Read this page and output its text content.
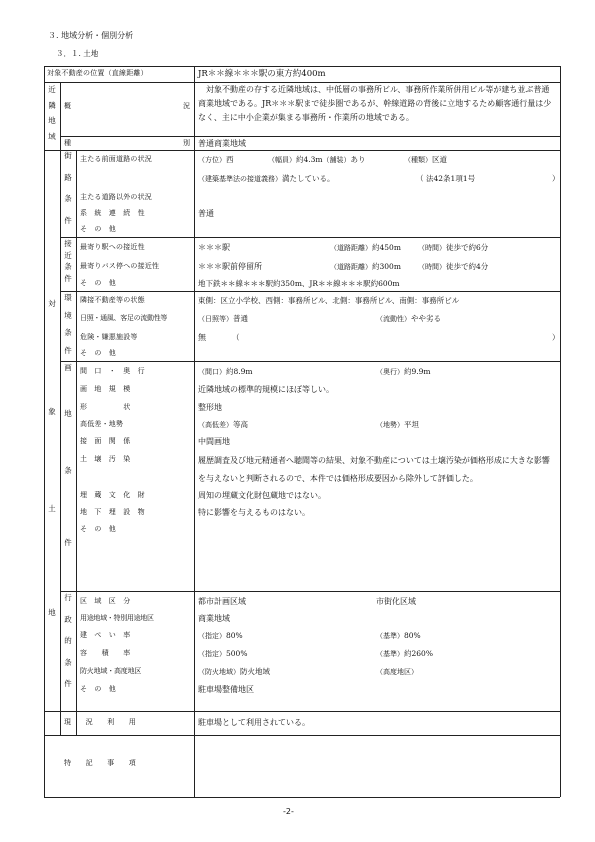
３. 地域分析・個別分析
３．１. 土地
対象不動産の位置（直線距離）	JR＊＊線＊＊＊駅の東方約400m
近
隣
地
域
概	況
対象不動産の存する近隣地域は、中低層の事務所ビル、事務所作業所併用ビル等が建ち並ぶ普通商業地域である。JR＊＊＊駅まで徒歩圏であるが、幹線道路の背後に立地するため顧客通行量は少なく、主に中小企業が集まる事務所・作業所の地域である。
種	別 普通商業地域
対
象
土
地
街
路
条
件
主たる前面道路の状況	（方位）西	（幅員）約4.3m（舗装）あり	（種類）区道
（建築基準法の接道義務）満たしている。	（ 法42条1項1号	）
主たる道路以外の状況
系　統　連　続　性	普通
そ　の　他
接
近
条
件
最寄り駅への接近性	＊＊＊駅	（道路距離）約450m （時間）徒歩で約6分
最寄りバス停への接近性	＊＊＊駅前停留所	（道路距離）約300m （時間）徒歩で約4分
そ　の　他	地下鉄＊＊線＊＊＊駅約350m、JR＊＊線＊＊＊駅約600m
環
境
条
件
隣接不動産等の状態	東側：区立小学校、西側：事務所ビル、北側：事務所ビル、南側：事務所ビル
日照・通風、客足の流動性等	（日照等）普通	（流動性）やや劣る
危険・嫌悪施設等	無	（	）
そ　の　他
画
地
条
件
間　口　・　奥　行	（間口）約8.9m	（奥行）約9.9m
画　地　規　模	近隣地域の標準的規模にほぼ等しい。
形　　　　　状	整形地
高低差・地勢	（高低差）等高	（地勢）平坦
接　面　関　係	中間画地
土　壌　汚　染	履歴調査及び地元精通者へ聴聞等の結果、対象不動産については土壌汚染が価格形成に大きな影響を与えないと判断されるので、本件では価格形成要因から除外して評価した。
埋　蔵　文　化　財	周知の埋蔵文化財包蔵地ではない。
地　下　埋　設　物	特に影響を与えるものはない。
そ　の　他
行
政
的
条
件
区　域　区　分	都市計画区域	市街化区域
用途地域・特別用途地区	商業地域
建　ぺ　い　率	（指定）80%	（基準）80%
容　　積　　率	（指定）500%	（基準）約260%
防火地域・高度地区	（防火地域）防火地域	（高度地区）
そ　の　他	駐車場整備地区
現　　況　　利　　用	駐車場として利用されている。
特　　記　　事　　項
-2-
